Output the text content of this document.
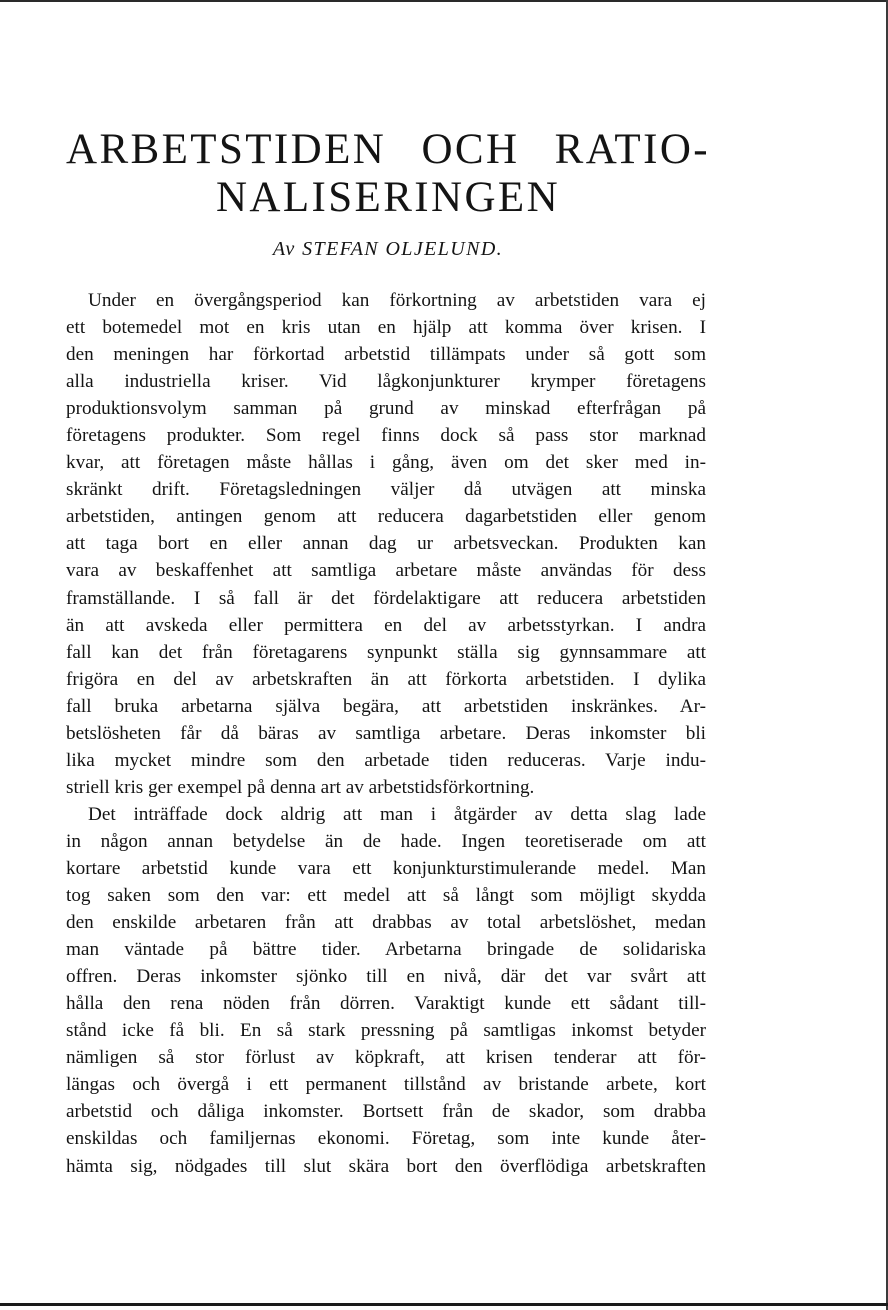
ARBETSTIDEN OCH RATIO-
NALISERINGEN
Av STEFAN OLJELUND.
Under en övergångsperiod kan förkortning av arbetstiden vara ej
ett botemedel mot en kris utan en hjälp att komma över krisen. I
den meningen har förkortad arbetstid tillämpats under så gott som
alla industriella kriser. Vid lågkonjunkturer krymper företagens
produktionsvolym samman på grund av minskad efterfrågan på
företagens produkter. Som regel finns dock så pass stor marknad
kvar, att företagen måste hållas i gång, även om det sker med in-
skränkt drift. Företagsledningen väljer då utvägen att minska
arbetstiden, antingen genom att reducera dagarbetstiden eller genom
att taga bort en eller annan dag ur arbetsveckan. Produkten kan
vara av beskaffenhet att samtliga arbetare måste användas för dess
framställande. I så fall är det fördelaktigare att reducera arbetstiden
än att avskeda eller permittera en del av arbetsstyrkan. I andra
fall kan det från företagarens synpunkt ställa sig gynnsammare att
frigöra en del av arbetskraften än att förkorta arbetstiden. I dylika
fall bruka arbetarna själva begära, att arbetstiden inskränkes. Ar-
betslösheten får då bäras av samtliga arbetare. Deras inkomster bli
lika mycket mindre som den arbetade tiden reduceras. Varje indu-
striell kris ger exempel på denna art av arbetstidsförkortning.
Det inträffade dock aldrig att man i åtgärder av detta slag lade
in någon annan betydelse än de hade. Ingen teoretiserade om att
kortare arbetstid kunde vara ett konjunkturstimulerande medel. Man
tog saken som den var: ett medel att så långt som möjligt skydda
den enskilde arbetaren från att drabbas av total arbetslöshet, medan
man väntade på bättre tider. Arbetarna bringade de solidariska
offren. Deras inkomster sjönko till en nivå, där det var svårt att
hålla den rena nöden från dörren. Varaktigt kunde ett sådant till-
stånd icke få bli. En så stark pressning på samtligas inkomst betyder
nämligen så stor förlust av köpkraft, att krisen tenderar att för-
längas och övergå i ett permanent tillstånd av bristande arbete, kort
arbetstid och dåliga inkomster. Bortsett från de skador, som drabba
enskildas och familjernas ekonomi. Företag, som inte kunde åter-
hämta sig, nödgades till slut skära bort den överflödiga arbetskraften
